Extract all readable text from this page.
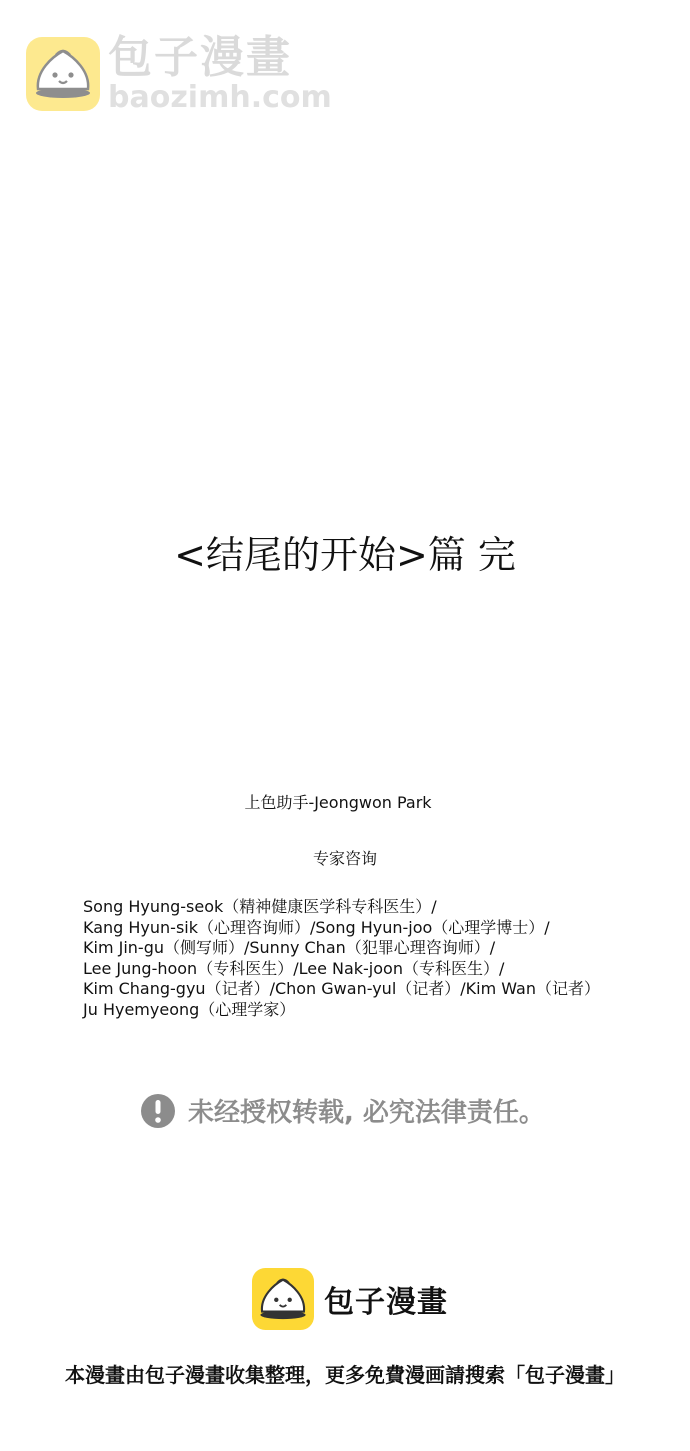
包子漫畫
baozimh.com
<结尾的开始>篇 完
上色助手-Jeongwon Park
专家咨询
Song Hyung-seok（精神健康医学科专科医生）/
Kang Hyun-sik（心理咨询师）/Song Hyun-joo（心理学博士）/
Kim Jin-gu（侧写师）/Sunny Chan（犯罪心理咨询师）/
Lee Jung-hoon（专科医生）/Lee Nak-joon（专科医生）/
Kim Chang-gyu（记者）/Chon Gwan-yul（记者）/Kim Wan（记者）
Ju Hyemyeong（心理学家）
未经授权转载, 必究法律责任。
包子漫畫
本漫畫由包子漫畫收集整理，更多免費漫画請搜索「包子漫畫」
